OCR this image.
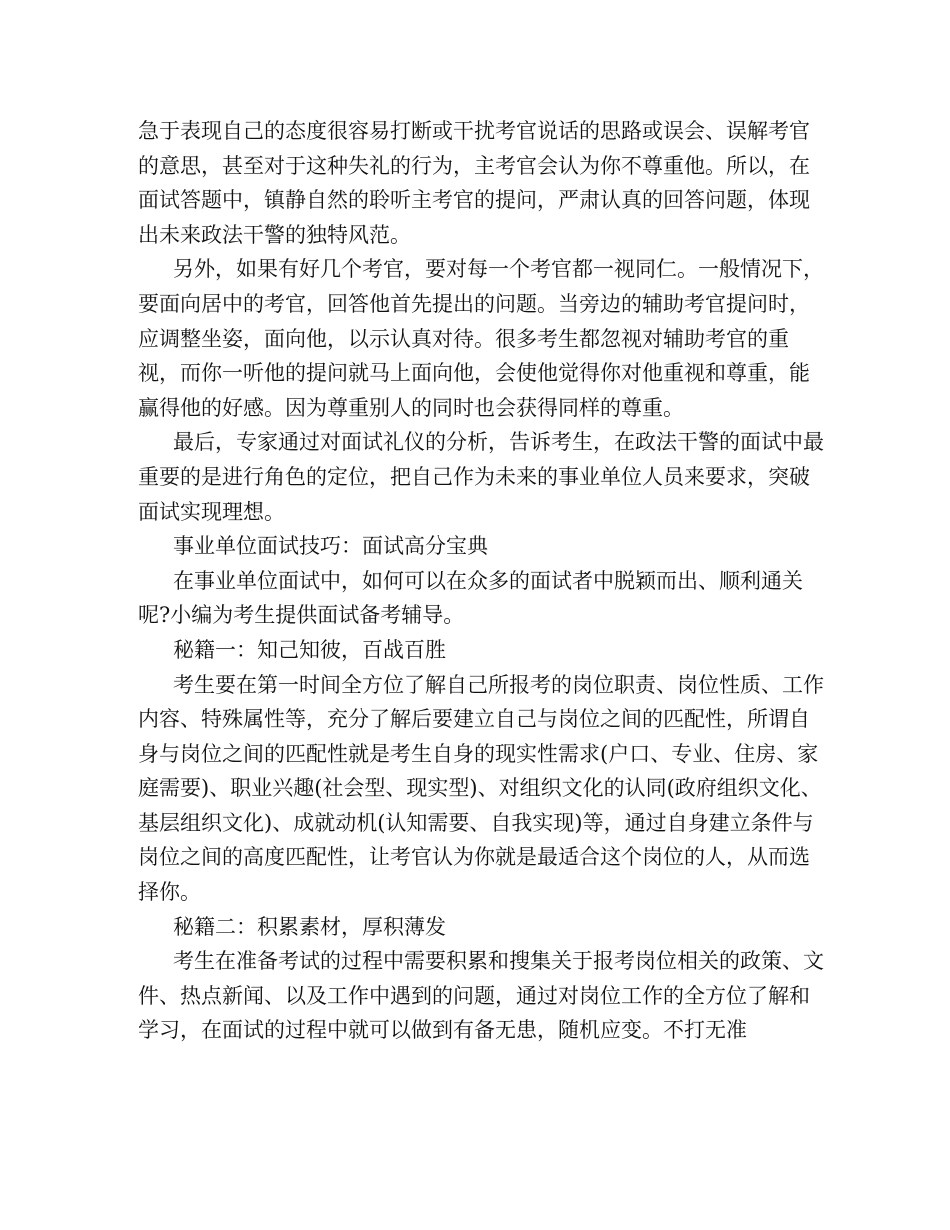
急于表现自己的态度很容易打断或干扰考官说话的思路或误会、误解考官的意思，甚至对于这种失礼的行为，主考官会认为你不尊重他。所以，在面试答题中，镇静自然的聆听主考官的提问，严肃认真的回答问题，体现出未来政法干警的独特风范。

另外，如果有好几个考官，要对每一个考官都一视同仁。一般情况下，要面向居中的考官，回答他首先提出的问题。当旁边的辅助考官提问时，应调整坐姿，面向他，以示认真对待。很多考生都忽视对辅助考官的重视，而你一听他的提问就马上面向他，会使他觉得你对他重视和尊重，能赢得他的好感。因为尊重别人的同时也会获得同样的尊重。

最后，专家通过对面试礼仪的分析，告诉考生，在政法干警的面试中最重要的是进行角色的定位，把自己作为未来的事业单位人员来要求，突破面试实现理想。

事业单位面试技巧：面试高分宝典

在事业单位面试中，如何可以在众多的面试者中脱颖而出、顺利通关呢?小编为考生提供面试备考辅导。

秘籍一：知己知彼，百战百胜

考生要在第一时间全方位了解自己所报考的岗位职责、岗位性质、工作内容、特殊属性等，充分了解后要建立自己与岗位之间的匹配性，所谓自身与岗位之间的匹配性就是考生自身的现实性需求(户口、专业、住房、家庭需要)、职业兴趣(社会型、现实型)、对组织文化的认同(政府组织文化、基层组织文化)、成就动机(认知需要、自我实现)等，通过自身建立条件与岗位之间的高度匹配性，让考官认为你就是最适合这个岗位的人，从而选择你。

秘籍二：积累素材，厚积薄发

考生在准备考试的过程中需要积累和搜集关于报考岗位相关的政策、文件、热点新闻、以及工作中遇到的问题，通过对岗位工作的全方位了解和学习，在面试的过程中就可以做到有备无患，随机应变。不打无准
